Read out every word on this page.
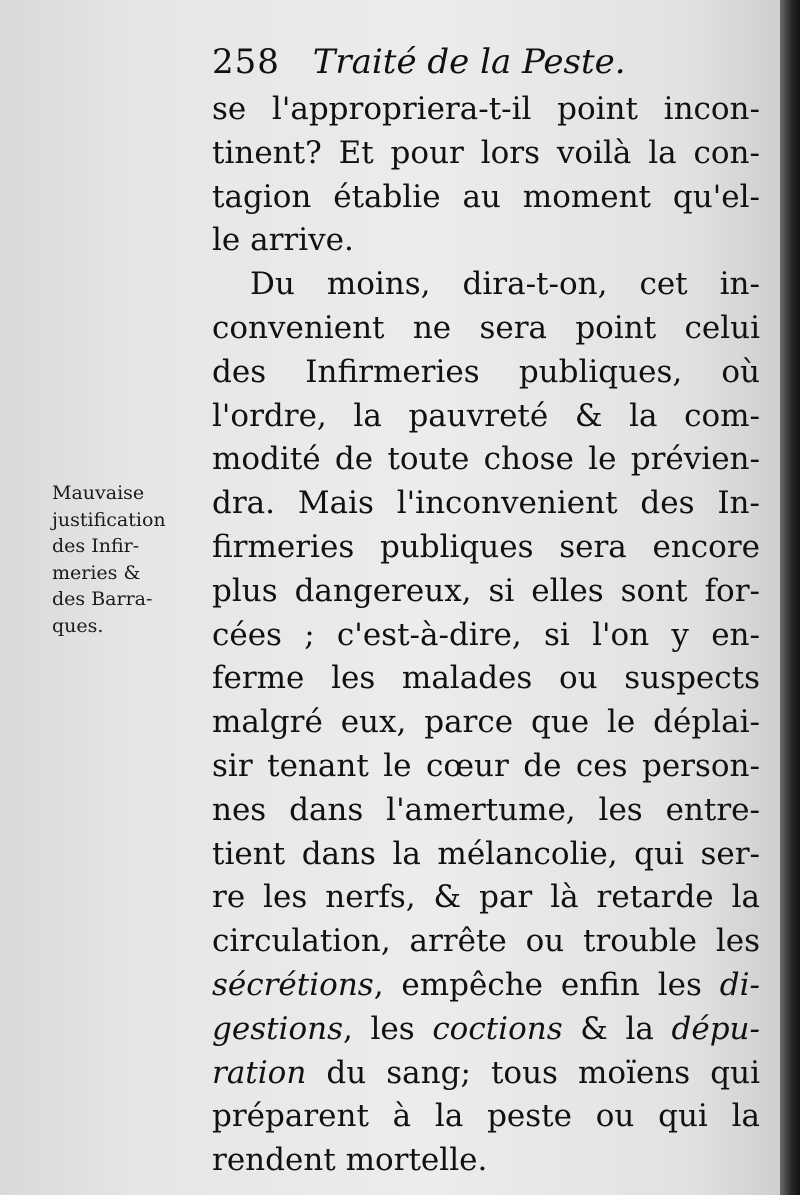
258 Traité de la Peste.
Mauvaise
justification
des Infir-
meries &
des Barra-
ques.
se l'appropriera-t-il point incon-
tinent? Et pour lors voilà la con-
tagion établie au moment qu'el-
le arrive.
Du moins, dira-t-on, cet in-
convenient ne sera point celui
des Infirmeries publiques, où
l'ordre, la pauvreté & la com-
modité de toute chose le prévien-
dra. Mais l'inconvenient des In-
firmeries publiques sera encore
plus dangereux, si elles sont for-
cées ; c'est-à-dire, si l'on y en-
ferme les malades ou suspects
malgré eux, parce que le déplai-
sir tenant le cœur de ces person-
nes dans l'amertume, les entre-
tient dans la mélancolie, qui ser-
re les nerfs, & par là retarde la
circulation, arrête ou trouble les
sécrétions, empêche enfin les di-
gestions, les coctions & la dépu-
ration du sang; tous moïens qui
préparent à la peste ou qui la
rendent mortelle.
